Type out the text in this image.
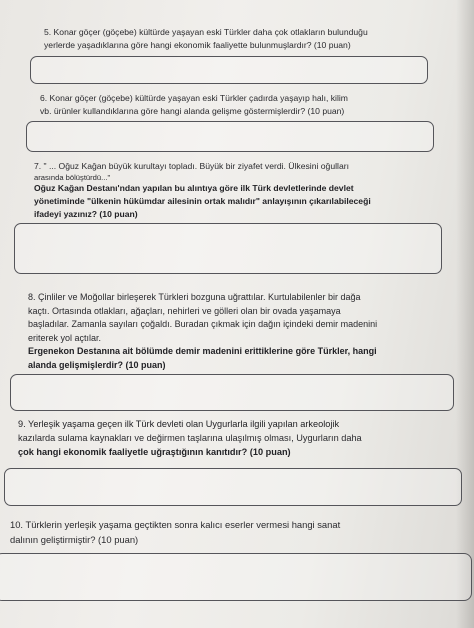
5. Konar göçer (göçebe) kültürde yaşayan eski Türkler daha çok otlakların bulunduğu

yerlerde yaşadıklarına göre hangi ekonomik faaliyette bulunmuşlardır? (10 puan)

6. Konar göçer (göçebe) kültürde yaşayan eski Türkler çadırda yaşayıp halı, kilim

vb. ürünler kullandıklarına göre hangi alanda gelişme göstermişlerdir? (10 puan)

7. " ... Oğuz Kağan büyük kurultayı topladı. Büyük bir ziyafet verdi. Ülkesini oğulları

arasında bölüştürdü..."

Oğuz Kağan Destanı'ndan yapılan bu alıntıya göre ilk Türk devletlerinde devlet

yönetiminde "ülkenin hükümdar ailesinin ortak malıdır" anlayışının çıkarılabileceği

ifadeyi yazınız? (10 puan)

8. Çinliler ve Moğollar birleşerek Türkleri bozguna uğrattılar. Kurtulabilenler bir dağa

kaçtı. Ortasında otlakları, ağaçları, nehirleri ve gölleri olan bir ovada yaşamaya

başladılar. Zamanla sayıları çoğaldı. Buradan çıkmak için dağın içindeki demir madenini

eriterek yol açtılar.

Ergenekon Destanına ait bölümde demir madenini erittiklerine göre Türkler, hangi

alanda gelişmişlerdir? (10 puan)

9. Yerleşik yaşama geçen ilk Türk devleti olan Uygurlarla ilgili yapılan arkeolojik

kazılarda sulama kaynakları ve değirmen taşlarına ulaşılmış olması, Uygurların daha

çok hangi ekonomik faaliyetle uğraştığının kanıtıdır? (10 puan)

10. Türklerin yerleşik yaşama geçtikten sonra kalıcı eserler vermesi hangi sanat

dalının geliştirmiştir? (10 puan)
